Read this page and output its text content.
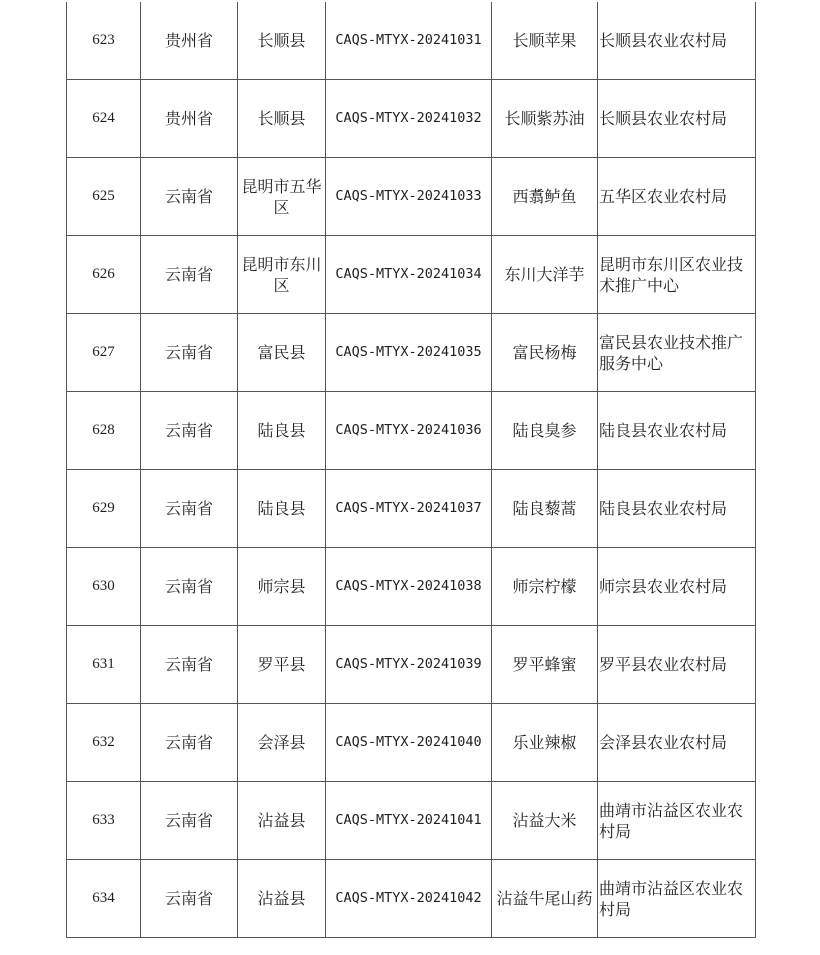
623	贵州省	长顺县	CAQS-MTYX-20241031	长顺苹果	长顺县农业农村局
624	贵州省	长顺县	CAQS-MTYX-20241032	长顺紫苏油	长顺县农业农村局
625	云南省	昆明市五华区	CAQS-MTYX-20241033	西翥鲈鱼	五华区农业农村局
626	云南省	昆明市东川区	CAQS-MTYX-20241034	东川大洋芋	昆明市东川区农业技术推广中心
627	云南省	富民县	CAQS-MTYX-20241035	富民杨梅	富民县农业技术推广服务中心
628	云南省	陆良县	CAQS-MTYX-20241036	陆良臭参	陆良县农业农村局
629	云南省	陆良县	CAQS-MTYX-20241037	陆良藜蒿	陆良县农业农村局
630	云南省	师宗县	CAQS-MTYX-20241038	师宗柠檬	师宗县农业农村局
631	云南省	罗平县	CAQS-MTYX-20241039	罗平蜂蜜	罗平县农业农村局
632	云南省	会泽县	CAQS-MTYX-20241040	乐业辣椒	会泽县农业农村局
633	云南省	沾益县	CAQS-MTYX-20241041	沾益大米	曲靖市沾益区农业农村局
634	云南省	沾益县	CAQS-MTYX-20241042	沾益牛尾山药	曲靖市沾益区农业农村局
